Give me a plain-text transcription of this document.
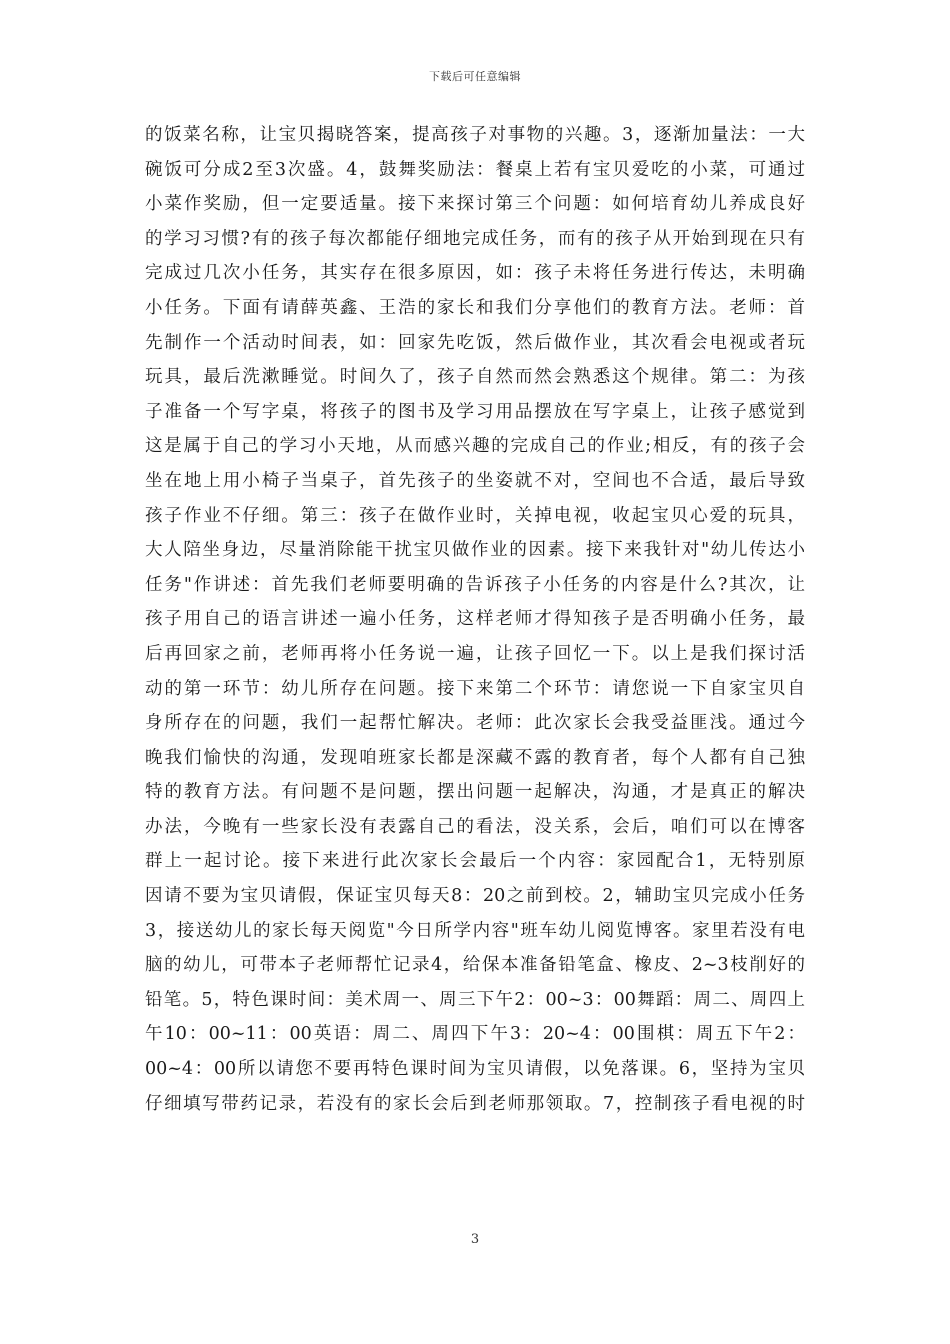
下载后可任意编辑
的饭菜名称，让宝贝揭晓答案，提高孩子对事物的兴趣。3，逐渐加量法：一大
碗饭可分成2至3次盛。4，鼓舞奖励法：餐桌上若有宝贝爱吃的小菜，可通过
小菜作奖励，但一定要适量。接下来探讨第三个问题：如何培育幼儿养成良好
的学习习惯?有的孩子每次都能仔细地完成任务，而有的孩子从开始到现在只有
完成过几次小任务，其实存在很多原因，如：孩子未将任务进行传达，未明确
小任务。下面有请薛英鑫、王浩的家长和我们分享他们的教育方法。老师：首
先制作一个活动时间表，如：回家先吃饭，然后做作业，其次看会电视或者玩
玩具，最后洗漱睡觉。时间久了，孩子自然而然会熟悉这个规律。第二：为孩
子准备一个写字桌，将孩子的图书及学习用品摆放在写字桌上，让孩子感觉到
这是属于自己的学习小天地，从而感兴趣的完成自己的作业;相反，有的孩子会
坐在地上用小椅子当桌子，首先孩子的坐姿就不对，空间也不合适，最后导致
孩子作业不仔细。第三：孩子在做作业时，关掉电视，收起宝贝心爱的玩具，
大人陪坐身边，尽量消除能干扰宝贝做作业的因素。接下来我针对"幼儿传达小
任务"作讲述：首先我们老师要明确的告诉孩子小任务的内容是什么?其次，让
孩子用自己的语言讲述一遍小任务，这样老师才得知孩子是否明确小任务，最
后再回家之前，老师再将小任务说一遍，让孩子回忆一下。以上是我们探讨活
动的第一环节：幼儿所存在问题。接下来第二个环节：请您说一下自家宝贝自
身所存在的问题，我们一起帮忙解决。老师：此次家长会我受益匪浅。通过今
晚我们愉快的沟通，发现咱班家长都是深藏不露的教育者，每个人都有自己独
特的教育方法。有问题不是问题，摆出问题一起解决，沟通，才是真正的解决
办法，今晚有一些家长没有表露自己的看法，没关系，会后，咱们可以在博客
群上一起讨论。接下来进行此次家长会最后一个内容：家园配合1，无特别原
因请不要为宝贝请假，保证宝贝每天8：20之前到校。2，辅助宝贝完成小任务
3，接送幼儿的家长每天阅览"今日所学内容"班车幼儿阅览博客。家里若没有电
脑的幼儿，可带本子老师帮忙记录4，给保本准备铅笔盒、橡皮、2~3枝削好的
铅笔。5，特色课时间：美术周一、周三下午2：00~3：00舞蹈：周二、周四上
午10：00~11：00英语：周二、周四下午3：20~4：00围棋：周五下午2：
00~4：00所以请您不要再特色课时间为宝贝请假，以免落课。6，坚持为宝贝
仔细填写带药记录，若没有的家长会后到老师那领取。7，控制孩子看电视的时
3
